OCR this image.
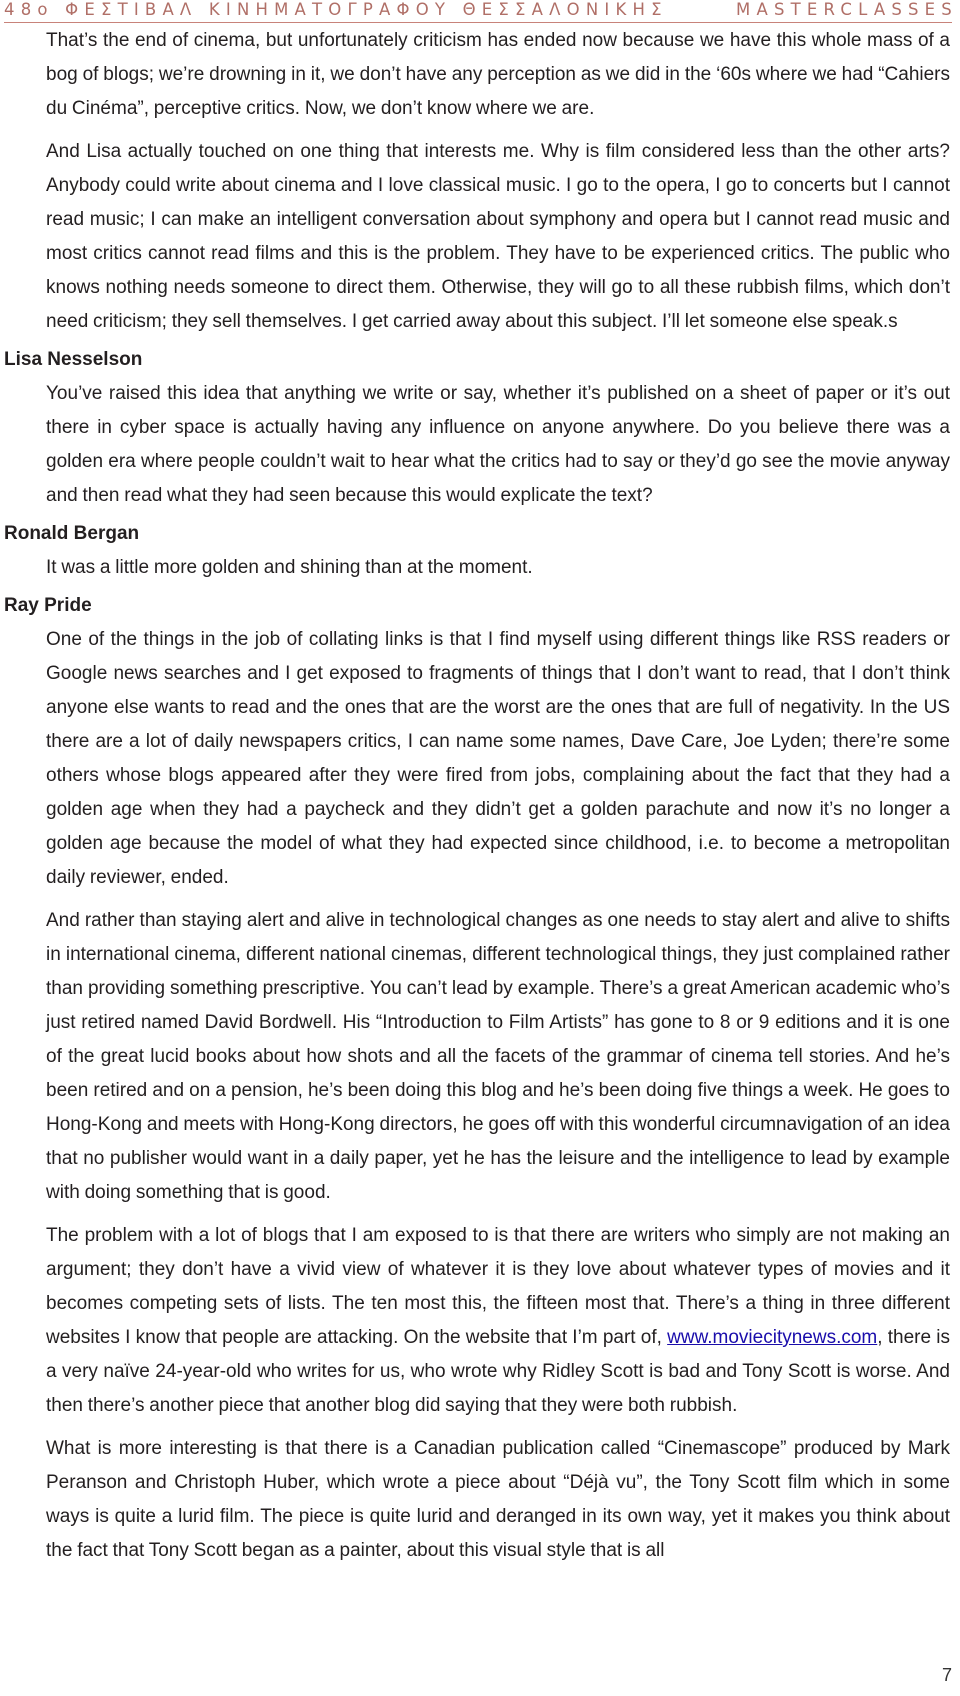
48o ΦΕΣΤΙΒΑΛ ΚΙΝΗΜΑΤΟΓΡΑΦΟΥ ΘΕΣΣΑΛΟΝΙΚΗΣ	MASTERCLASSES

That’s the end of cinema, but unfortunately criticism has ended now because we have this whole mass of a bog of blogs; we’re drowning in it, we don’t have any perception as we did in the ‘60s where we had “Cahiers du Cinéma”, perceptive critics. Now, we don’t know where we are.

And Lisa actually touched on one thing that interests me. Why is film considered less than the other arts? Anybody could write about cinema and I love classical music. I go to the opera, I go to concerts but I cannot read music; I can make an intelligent conversation about symphony and opera but I cannot read music and most critics cannot read films and this is the problem. They have to be experienced critics. The public who knows nothing needs someone to direct them. Otherwise, they will go to all these rubbish films, which don’t need criticism; they sell themselves. I get carried away about this subject. I’ll let someone else speak.s

Lisa Nesselson

You’ve raised this idea that anything we write or say, whether it’s published on a sheet of paper or it’s out there in cyber space is actually having any influence on anyone anywhere. Do you believe there was a golden era where people couldn’t wait to hear what the critics had to say or they’d go see the movie anyway and then read what they had seen because this would explicate the text?

Ronald Bergan

It was a little more golden and shining than at the moment.

Ray Pride

One of the things in the job of collating links is that I find myself using different things like RSS readers or Google news searches and I get exposed to fragments of things that I don’t want to read, that I don’t think anyone else wants to read and the ones that are the worst are the ones that are full of negativity. In the US there are a lot of daily newspapers critics, I can name some names, Dave Care, Joe Lyden; there’re some others whose blogs appeared after they were fired from jobs, complaining about the fact that they had a golden age when they had a paycheck and they didn’t get a golden parachute and now it’s no longer a golden age because the model of what they had expected since childhood, i.e. to become a metropolitan daily reviewer, ended.

And rather than staying alert and alive in technological changes as one needs to stay alert and alive to shifts in international cinema, different national cinemas, different technological things, they just complained rather than providing something prescriptive. You can’t lead by example. There’s a great American academic who’s just retired named David Bordwell. His “Introduction to Film Artists” has gone to 8 or 9 editions and it is one of the great lucid books about how shots and all the facets of the grammar of cinema tell stories. And he’s been retired and on a pension, he’s been doing this blog and he’s been doing five things a week. He goes to Hong-Kong and meets with Hong-Kong directors, he goes off with this wonderful circumnavigation of an idea that no publisher would want in a daily paper, yet he has the leisure and the intelligence to lead by example with doing something that is good.

The problem with a lot of blogs that I am exposed to is that there are writers who simply are not making an argument; they don’t have a vivid view of whatever it is they love about whatever types of movies and it becomes competing sets of lists. The ten most this, the fifteen most that. There’s a thing in three different websites I know that people are attacking. On the website that I’m part of, www.moviecitynews.com, there is a very naïve 24-year-old who writes for us, who wrote why Ridley Scott is bad and Tony Scott is worse. And then there’s another piece that another blog did saying that they were both rubbish.

What is more interesting is that there is a Canadian publication called “Cinemascope” produced by Mark Peranson and Christoph Huber, which wrote a piece about “Déjà vu”, the Tony Scott film which in some ways is quite a lurid film. The piece is quite lurid and deranged in its own way, yet it makes you think about the fact that Tony Scott began as a painter, about this visual style that is all

7
